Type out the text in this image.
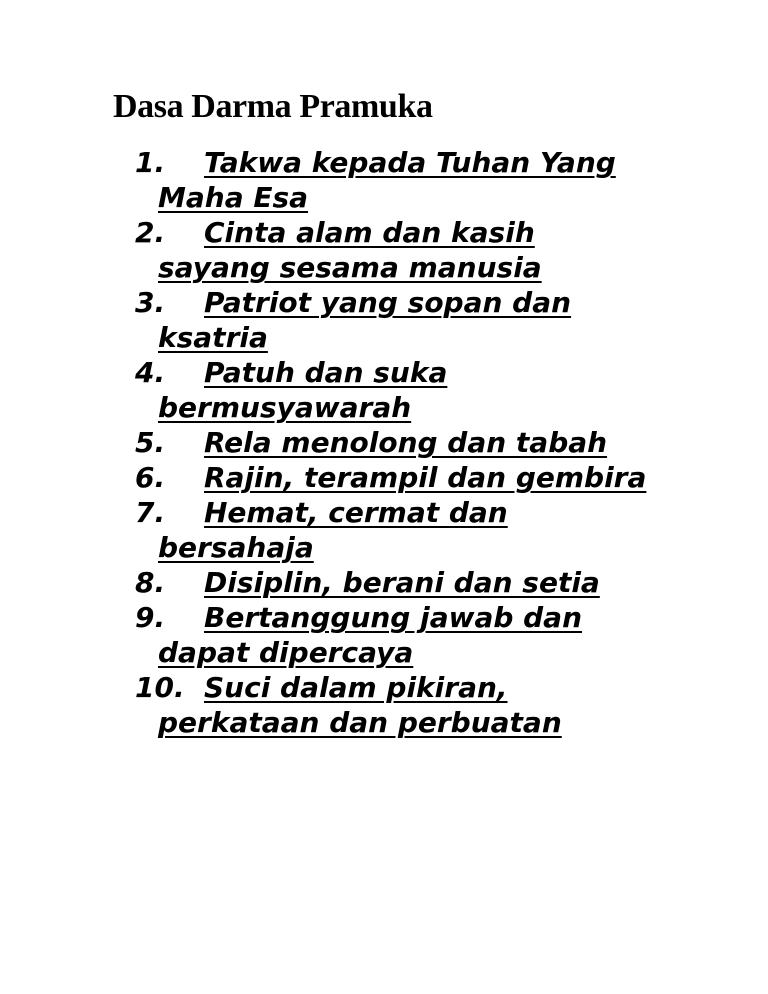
Dasa Darma Pramuka
1.	Takwa kepada Tuhan Yang Maha Esa
2.	Cinta alam dan kasih sayang sesama manusia
3.	Patriot yang sopan dan ksatria
4.	Patuh dan suka bermusyawarah
5.	Rela menolong dan tabah
6.	Rajin, terampil dan gembira
7.	Hemat, cermat dan bersahaja
8.	Disiplin, berani dan setia
9.	Bertanggung jawab dan dapat dipercaya
10. Suci dalam pikiran, perkataan dan perbuatan
